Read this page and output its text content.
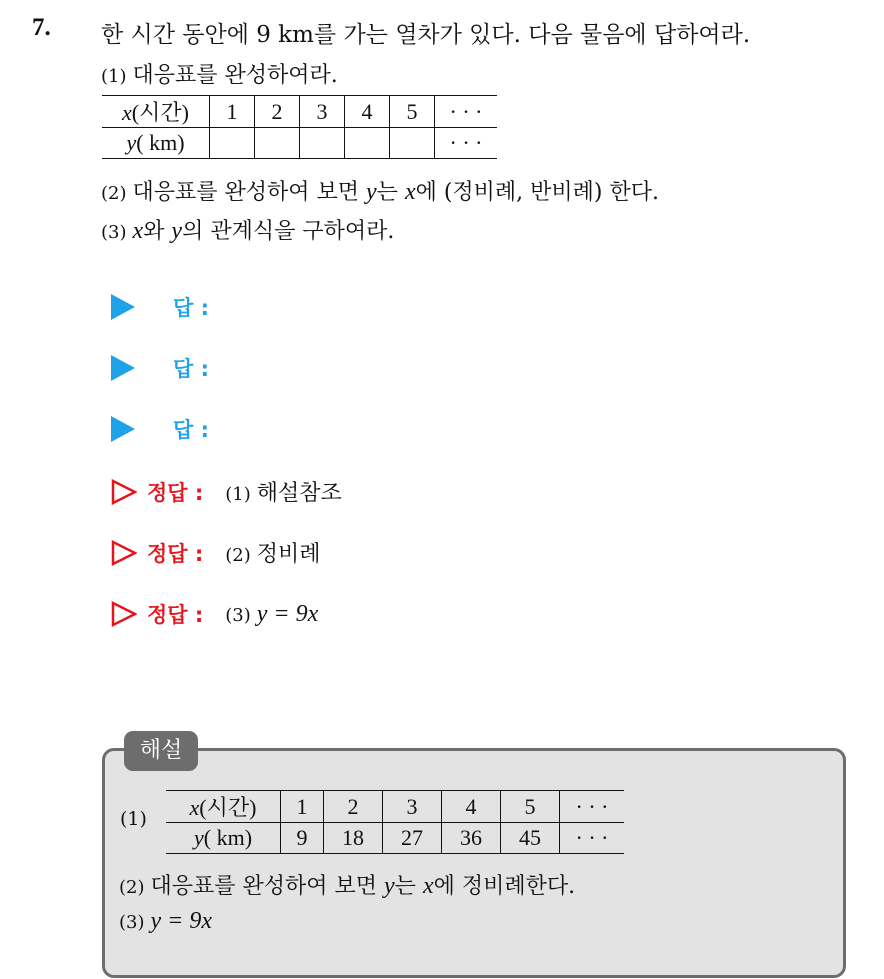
7. 한 시간 동안에 9 km를 가는 열차가 있다. 다음 물음에 답하여라.
(1) 대응표를 완성하여라.
x(시간)	1	2	3	4	5	· · ·
y( km)						· · ·
(2) 대응표를 완성하여 보면 y는 x에 (정비례, 반비례) 한다.
(3) x와 y의 관계식을 구하여라.
답 :
답 :
답 :
정답 : (1) 해설참조
정답 : (2) 정비례
정답 : (3) y = 9x
해설
(1) x(시간)	1	2	3	4	5	· · ·
y( km)	9	18	27	36	45	· · ·
(2) 대응표를 완성하여 보면 y는 x에 정비례한다.
(3) y = 9x
